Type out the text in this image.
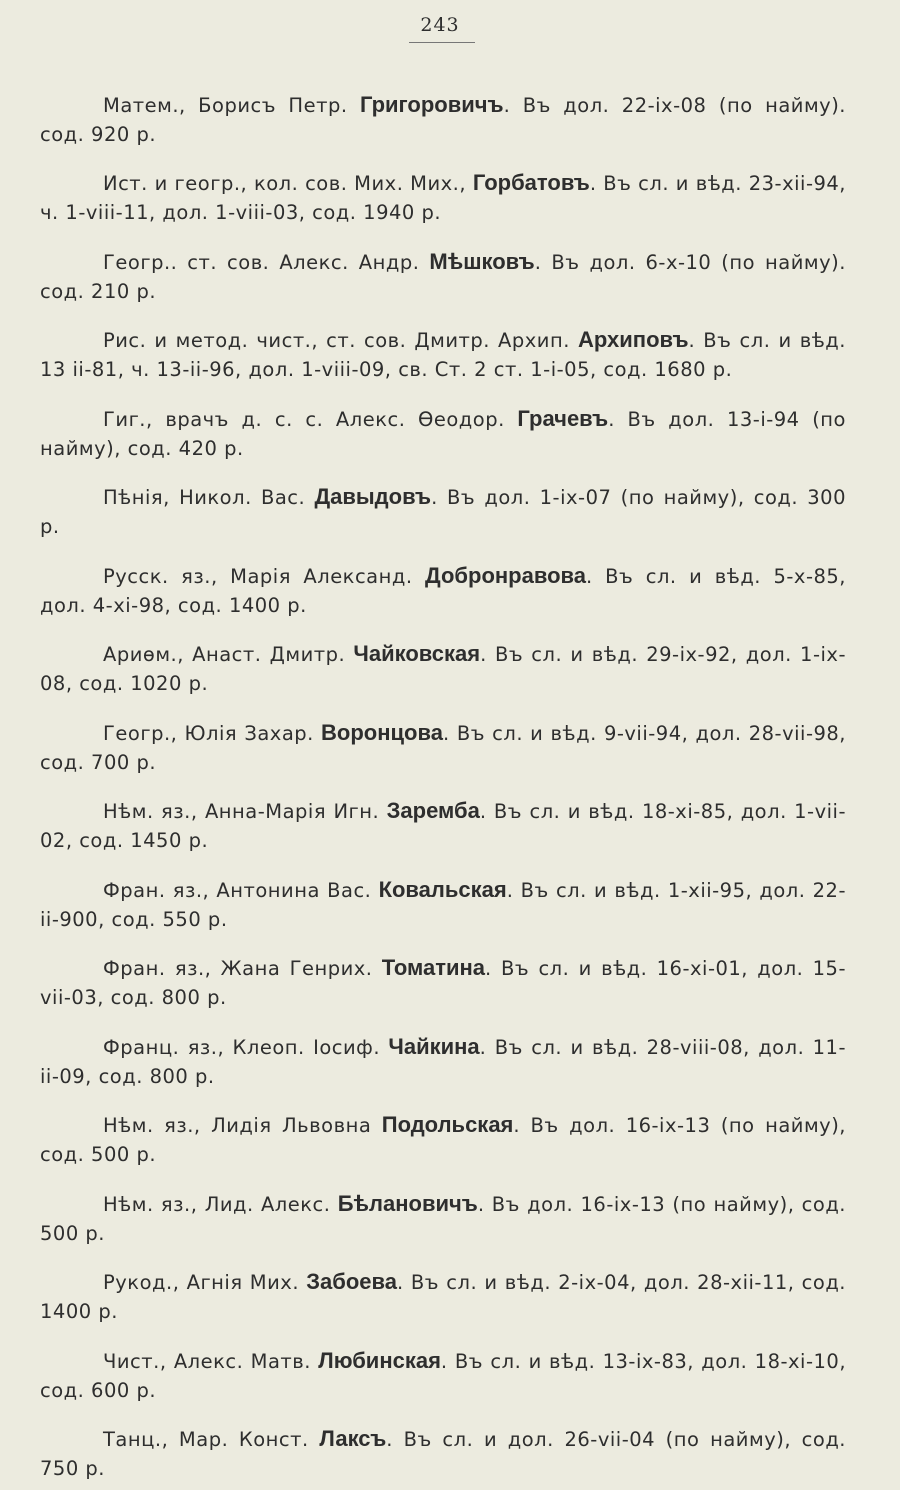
243

Матем., Борисъ Петр. Григоровичъ. Въ дол. 22-ix-08 (по найму). сод. 920 р.

Ист. и геогр., кол. сов. Мих. Мих., Горбатовъ. Въ сл. и вѣд. 23-xii-94, ч. 1-viii-11, дол. 1-viii-03, сод. 1940 р.

Геогр.. ст. сов. Алекс. Андр. Мѣшковъ. Въ дол. 6-x-10 (по найму). сод. 210 р.

Рис. и метод. чист., ст. сов. Дмитр. Архип. Архиповъ. Въ сл. и вѣд. 13 ii-81, ч. 13-ii-96, дол. 1-viii-09, св. Ст. 2 ст. 1-i-05, сод. 1680 р.

Гиг., врачъ д. с. с. Алекс. Өеодор. Грачевъ. Въ дол. 13-i-94 (по найму), сод. 420 р.

Пѣнiя, Никол. Вас. Давыдовъ. Въ дол. 1-ix-07 (по найму), сод. 300 р.

Русск. яз., Марiя Александ. Добронравова. Въ сл. и вѣд. 5-x-85, дол. 4-xi-98, сод. 1400 р.

Ариѳм., Анаст. Дмитр. Чайковская. Въ сл. и вѣд. 29-ix-92, дол. 1-ix-08, сод. 1020 р.

Геогр., Юлiя Захар. Воронцова. Въ сл. и вѣд. 9-vii-94, дол. 28-vii-98, сод. 700 р.

Нѣм. яз., Анна-Марiя Игн. Заремба. Въ сл. и вѣд. 18-xi-85, дол. 1-vii-02, сод. 1450 р.

Фран. яз., Антонина Вас. Ковальская. Въ сл. и вѣд. 1-xii-95, дол. 22-ii-900, сод. 550 р.

Фран. яз., Жана Генрих. Томатина. Въ сл. и вѣд. 16-xi-01, дол. 15-vii-03, сод. 800 р.

Франц. яз., Клеоп. Iосиф. Чайкина. Въ сл. и вѣд. 28-viii-08, дол. 11-ii-09, сод. 800 р.

Нѣм. яз., Лидiя Львовна Подольская. Въ дол. 16-ix-13 (по найму), сод. 500 р.

Нѣм. яз., Лид. Алекс. Бѣлановичъ. Въ дол. 16-ix-13 (по найму), сод. 500 р.

Рукод., Агнiя Мих. Забоева. Въ сл. и вѣд. 2-ix-04, дол. 28-xii-11, сод. 1400 р.

Чист., Алекс. Матв. Любинская. Въ сл. и вѣд. 13-ix-83, дол. 18-xi-10, сод. 600 р.

Танц., Мар. Конст. Лаксъ. Въ сл. и дол. 26-vii-04 (по найму), сод. 750 р.
